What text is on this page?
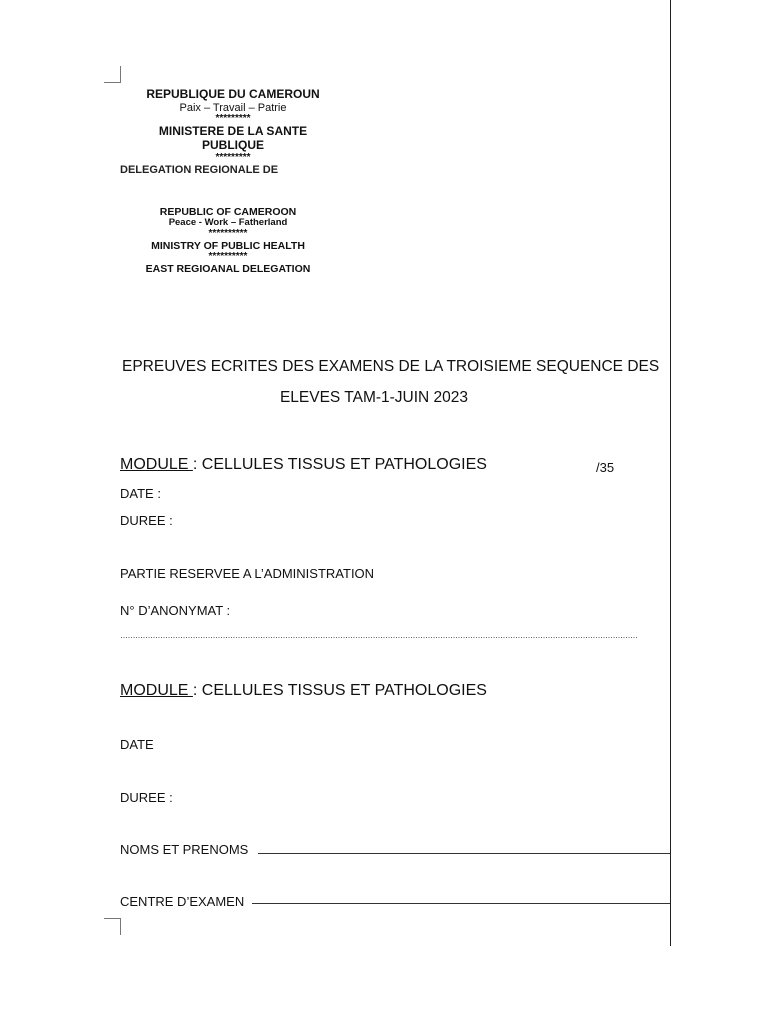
REPUBLIQUE DU CAMEROUN
Paix – Travail – Patrie
*********
MINISTERE DE LA SANTE PUBLIQUE
*********
DELEGATION REGIONALE DE
REPUBLIC OF CAMEROON
Peace - Work – Fatherland
**********
MINISTRY OF PUBLIC HEALTH
**********
EAST REGIOANAL DELEGATION
EPREUVES ECRITES DES EXAMENS DE LA TROISIEME SEQUENCE DES
ELEVES TAM-1-JUIN 2023
MODULE : CELLULES TISSUS ET PATHOLOGIES	/35
DATE :
DUREE :
PARTIE RESERVEE A L’ADMINISTRATION
N° D’ANONYMAT :
………………………………………………………………………………………………………………………………………………………………………………………
MODULE : CELLULES TISSUS ET PATHOLOGIES
DATE
DUREE :
NOMS ET PRENOMS
CENTRE D’EXAMEN
